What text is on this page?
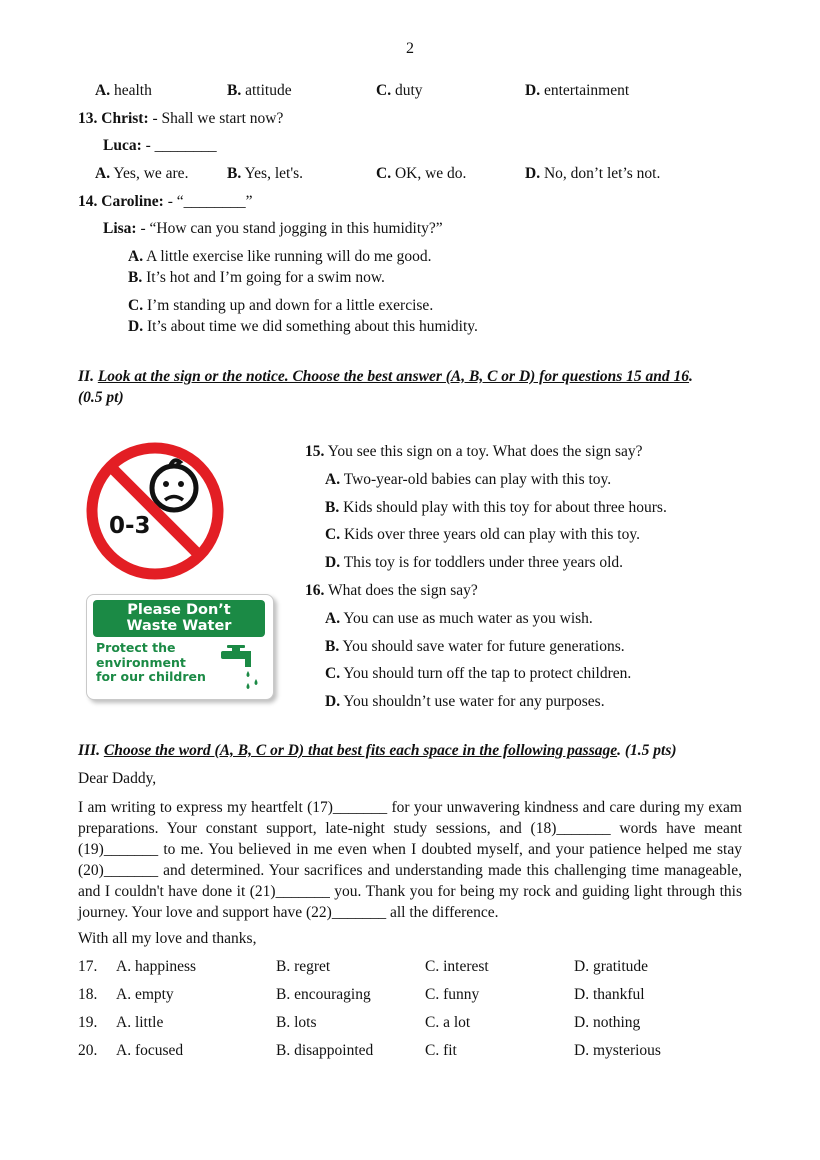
2
A. health	B. attitude	C. duty	D. entertainment
13. Christ: - Shall we start now?
Luca: - ________
A. Yes, we are. B. Yes, let's.	C. OK, we do.	D. No, don’t let’s not.
14. Caroline: - “________”
Lisa: - “How can you stand jogging in this humidity?”
A. A little exercise like running will do me good.
B. It’s hot and I’m going for a swim now.
C. I’m standing up and down for a little exercise.
D. It’s about time we did something about this humidity.
II. Look at the sign or the notice. Choose the best answer (A, B, C or D) for questions 15 and 16.
(0.5 pt)
0-3
Please Don’t
Waste Water
Protect the
environment
for our children
15. You see this sign on a toy. What does the sign say?
A. Two-year-old babies can play with this toy.
B. Kids should play with this toy for about three hours.
C. Kids over three years old can play with this toy.
D. This toy is for toddlers under three years old.
16. What does the sign say?
A. You can use as much water as you wish.
B. You should save water for future generations.
C. You should turn off the tap to protect children.
D. You shouldn’t use water for any purposes.
III. Choose the word (A, B, C or D) that best fits each space in the following passage. (1.5 pts)
Dear Daddy,
I am writing to express my heartfelt (17)_______ for your unwavering kindness and care during my exam preparations. Your constant support, late-night study sessions, and (18)_______ words have meant (19)_______ to me. You believed in me even when I doubted myself, and your patience helped me stay (20)_______ and determined. Your sacrifices and understanding made this challenging time manageable, and I couldn't have done it (21)_______ you. Thank you for being my rock and guiding light through this journey. Your love and support have (22)_______ all the difference.
With all my love and thanks,
17. A. happiness	B. regret	C. interest	D. gratitude
18. A. empty	B. encouraging	C. funny	D. thankful
19. A. little	B. lots	C. a lot	D. nothing
20. A. focused	B. disappointed	C. fit	D. mysterious
